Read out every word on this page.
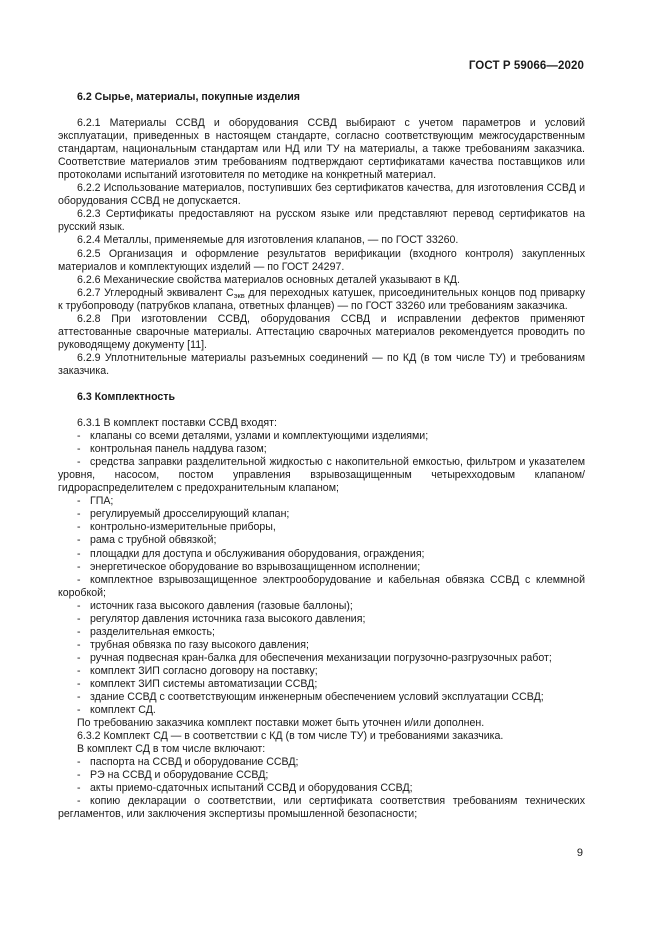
ГОСТ Р 59066—2020

6.2 Сырье, материалы, покупные изделия

6.2.1 Материалы ССВД и оборудования ССВД выбирают с учетом параметров и условий эксплуатации, приведенных в настоящем стандарте, согласно соответствующим межгосударственным стандартам, национальным стандартам или НД или ТУ на материалы, а также требованиям заказчика. Соответствие материалов этим требованиям подтверждают сертификатами качества поставщиков или протоколами испытаний изготовителя по методике на конкретный материал.

6.2.2 Использование материалов, поступивших без сертификатов качества, для изготовления ССВД и оборудования ССВД не допускается.

6.2.3 Сертификаты предоставляют на русском языке или представляют перевод сертификатов на русский язык.

6.2.4 Металлы, применяемые для изготовления клапанов, — по ГОСТ 33260.

6.2.5 Организация и оформление результатов верификации (входного контроля) закупленных материалов и комплектующих изделий — по ГОСТ 24297.

6.2.6 Механические свойства материалов основных деталей указывают в КД.

6.2.7 Углеродный эквивалент $С_{экв}$ для переходных катушек, присоединительных концов под приварку к трубопроводу (патрубков клапана, ответных фланцев) — по ГОСТ 33260 или требованиям заказчика.

6.2.8 При изготовлении ССВД, оборудования ССВД и исправлении дефектов применяют аттестованные сварочные материалы. Аттестацию сварочных материалов рекомендуется проводить по руководящему документу [11].

6.2.9 Уплотнительные материалы разъемных соединений — по КД (в том числе ТУ) и требованиям заказчика.

6.3 Комплектность

6.3.1 В комплект поставки ССВД входят:

- клапаны со всеми деталями, узлами и комплектующими изделиями;

- контрольная панель наддува газом;

- средства заправки разделительной жидкостью с накопительной емкостью, фильтром и указателем уровня, насосом, постом управления взрывозащищенным четырехходовым клапаном/гидрораспределителем с предохранительным клапаном;

- ГПА;

- регулируемый дросселирующий клапан;

- контрольно-измерительные приборы,

- рама с трубной обвязкой;

- площадки для доступа и обслуживания оборудования, ограждения;

- энергетическое оборудование во взрывозащищенном исполнении;

- комплектное взрывозащищенное электрооборудование и кабельная обвязка ССВД с клеммной коробкой;

- источник газа высокого давления (газовые баллоны);

- регулятор давления источника газа высокого давления;

- разделительная емкость;

- трубная обвязка по газу высокого давления;

- ручная подвесная кран-балка для обеспечения механизации погрузочно-разгрузочных работ;

- комплект ЗИП согласно договору на поставку;

- комплект ЗИП системы автоматизации ССВД;

- здание ССВД с соответствующим инженерным обеспечением условий эксплуатации ССВД;

- комплект СД.

По требованию заказчика комплект поставки может быть уточнен и/или дополнен.

6.3.2 Комплект СД — в соответствии с КД (в том числе ТУ) и требованиями заказчика.

В комплект СД в том числе включают:

- паспорта на ССВД и оборудование ССВД;

- РЭ на ССВД и оборудование ССВД;

- акты приемо-сдаточных испытаний ССВД и оборудования ССВД;

- копию декларации о соответствии, или сертификата соответствия требованиям технических регламентов, или заключения экспертизы промышленной безопасности;

9
